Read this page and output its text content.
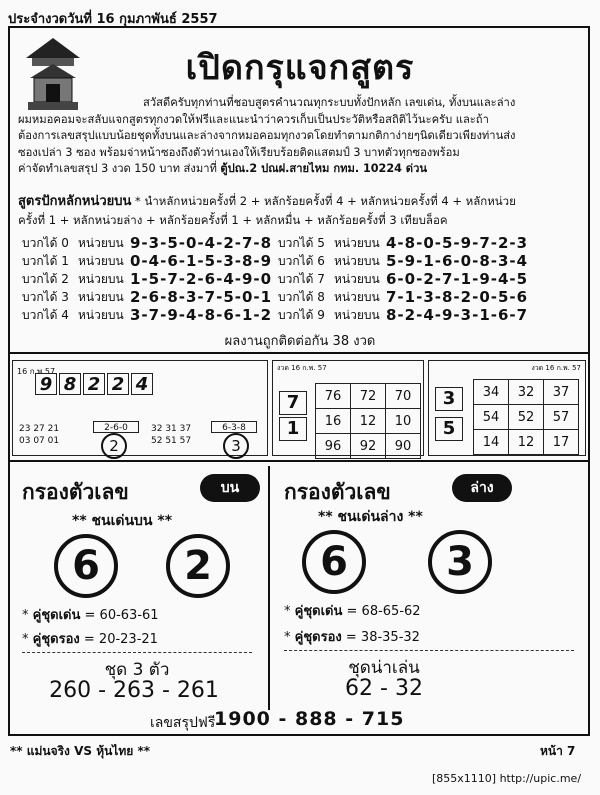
ประจำงวดวันที่ 16 กุมภาพันธ์ 2557
เปิดกรุแจกสูตร
สวัสดีครับทุกท่านที่ชอบสูตรคำนวณทุกระบบทั้งปักหลัก เลขเด่น, ทั้งบนและล่าง
ผมหมอคอมจะสลับแจกสูตรทุกงวดให้ฟรีและแนะนำว่าควรเก็บเป็นประวัติหรือสถิติไว้นะครับ และถ้า
ต้องการเลขสรุปแบบน้อยชุดทั้งบนและล่างจากหมอคอมทุกงวดโดยทำตามกติกาง่ายๆนิดเดียวเพียงท่านส่ง
ซองเปล่า 3 ซอง พร้อมจ่าหน้าซองถึงตัวท่านเองให้เรียบร้อยติดแสตมป์ 3 บาทตัวทุกซองพร้อม
ค่าจัดทำเลขสรุป 3 งวด 150 บาท ส่งมาที่ ตู้ปณ.2 ปณฝ.สายไหม กทม. 10224 ด่วน
สูตรปักหลักหน่วยบน * นำหลักหน่วยครั้งที่ 2 + หลักร้อยครั้งที่ 4 + หลักหน่วยครั้งที่ 4 + หลักหน่วย
ครั้งที่ 1 + หลักหน่วยล่าง + หลักร้อยครั้งที่ 1 + หลักหมื่น + หลักร้อยครั้งที่ 3 เทียบล็อค
บวกได้ 0 หน่วยบน 9-3-5-0-4-2-7-8
บวกได้ 1 หน่วยบน 0-4-6-1-5-3-8-9
บวกได้ 2 หน่วยบน 1-5-7-2-6-4-9-0
บวกได้ 3 หน่วยบน 2-6-8-3-7-5-0-1
บวกได้ 4 หน่วยบน 3-7-9-4-8-6-1-2
บวกได้ 5 หน่วยบน 4-8-0-5-9-7-2-3
บวกได้ 6 หน่วยบน 5-9-1-6-0-8-3-4
บวกได้ 7 หน่วยบน 6-0-2-7-1-9-4-5
บวกได้ 8 หน่วยบน 7-1-3-8-2-0-5-6
บวกได้ 9 หน่วยบน 8-2-4-9-3-1-6-7
ผลงานถูกติดต่อกัน 38 งวด
16 ก.พ.57
9 8 2 2 4
23 27 21
03 07 01
2-6-0
2
32 31 37
52 51 57
6-3-8
3
งวด 16 ก.พ. 57
7
1
76	72	70
16	12	10
96	92	90
งวด 16 ก.พ. 57
3
5
34	32	37
54	52	57
14	12	17
กรองตัวเลข	บน
** ชนเด่นบน **
6	2
* คู่ชุดเด่น = 60-63-61
* คู่ชุดรอง = 20-23-21
ชุด 3 ตัว
260 - 263 - 261
กรองตัวเลข	ล่าง
** ชนเด่นล่าง **
6	3
* คู่ชุดเด่น = 68-65-62
* คู่ชุดรอง = 38-35-32
ชุดน่าเล่น
62 - 32
เลขสรุปฟรี
1900 - 888 - 715
** แม่นจริง VS หุ้นไทย **	หน้า 7
[855x1110] http://upic.me/
